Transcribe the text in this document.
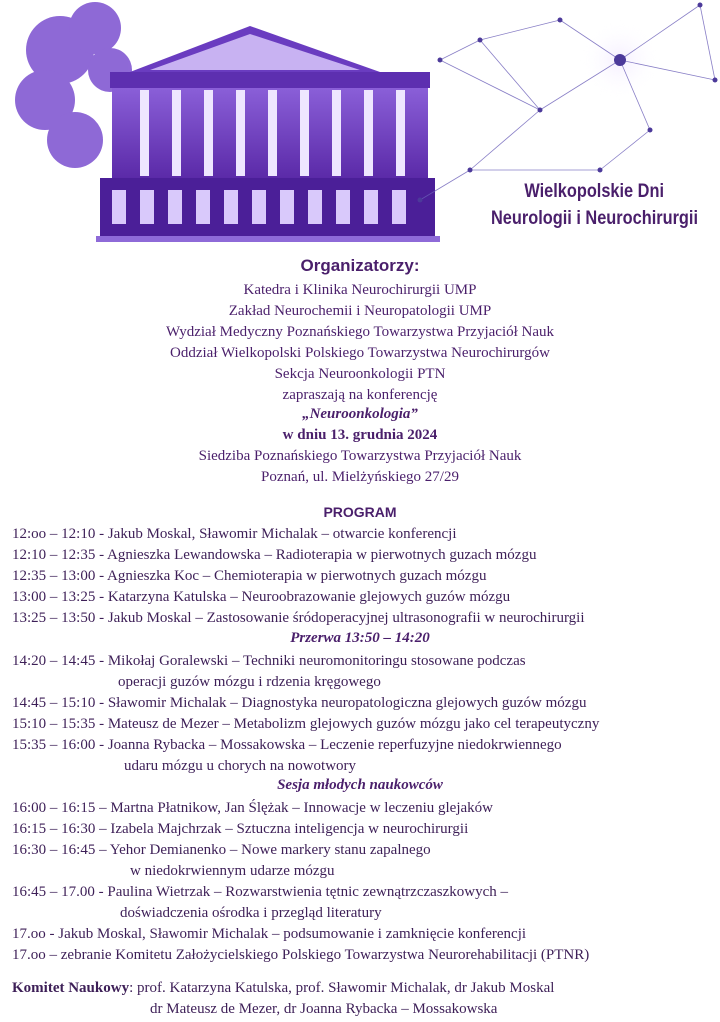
Wielkopolskie Dni
Neurologii i Neurochirurgii
Organizatorzy:
Katedra i Klinika Neurochirurgii UMP
Zakład Neurochemii i Neuropatologii UMP
Wydział Medyczny Poznańskiego Towarzystwa Przyjaciół Nauk
Oddział Wielkopolski Polskiego Towarzystwa Neurochirurgów
Sekcja Neuroonkologii PTN
zapraszają na konferencję
„Neuroonkologia”
w dniu 13. grudnia 2024
Siedziba Poznańskiego Towarzystwa Przyjaciół Nauk
Poznań, ul. Mielżyńskiego 27/29
PROGRAM
12:oo – 12:10 - Jakub Moskal, Sławomir Michalak – otwarcie konferencji
12:10 – 12:35 - Agnieszka Lewandowska – Radioterapia w pierwotnych guzach mózgu
12:35 – 13:00 - Agnieszka Koc – Chemioterapia w pierwotnych guzach mózgu
13:00 – 13:25 - Katarzyna Katulska – Neuroobrazowanie glejowych guzów mózgu
13:25 – 13:50 - Jakub Moskal – Zastosowanie śródoperacyjnej ultrasonografii w neurochirurgii
Przerwa 13:50 – 14:20
14:20 – 14:45 - Mikołaj Goralewski – Techniki neuromonitoringu stosowane podczas
operacji guzów mózgu i rdzenia kręgowego
14:45 – 15:10 - Sławomir Michalak – Diagnostyka neuropatologiczna glejowych guzów mózgu
15:10 – 15:35 - Mateusz de Mezer – Metabolizm glejowych guzów mózgu jako cel terapeutyczny
15:35 – 16:00 - Joanna Rybacka – Mossakowska – Leczenie reperfuzyjne niedokrwiennego
udaru mózgu u chorych na nowotwory
Sesja młodych naukowców
16:00 – 16:15 – Martna Płatnikow, Jan Ślężak – Innowacje w leczeniu glejaków
16:15 – 16:30 – Izabela Majchrzak – Sztuczna inteligencja w neurochirurgii
16:30 – 16:45 – Yehor Demianenko – Nowe markery stanu zapalnego
w niedokrwiennym udarze mózgu
16:45 – 17.00 - Paulina Wietrzak – Rozwarstwienia tętnic zewnątrzczaszkowych –
doświadczenia ośrodka i przegląd literatury
17.oo - Jakub Moskal, Sławomir Michalak – podsumowanie i zamknięcie konferencji
17.oo – zebranie Komitetu Założycielskiego Polskiego Towarzystwa Neurorehabilitacji (PTNR)
Komitet Naukowy: prof. Katarzyna Katulska, prof. Sławomir Michalak, dr Jakub Moskal
dr Mateusz de Mezer, dr Joanna Rybacka – Mossakowska
